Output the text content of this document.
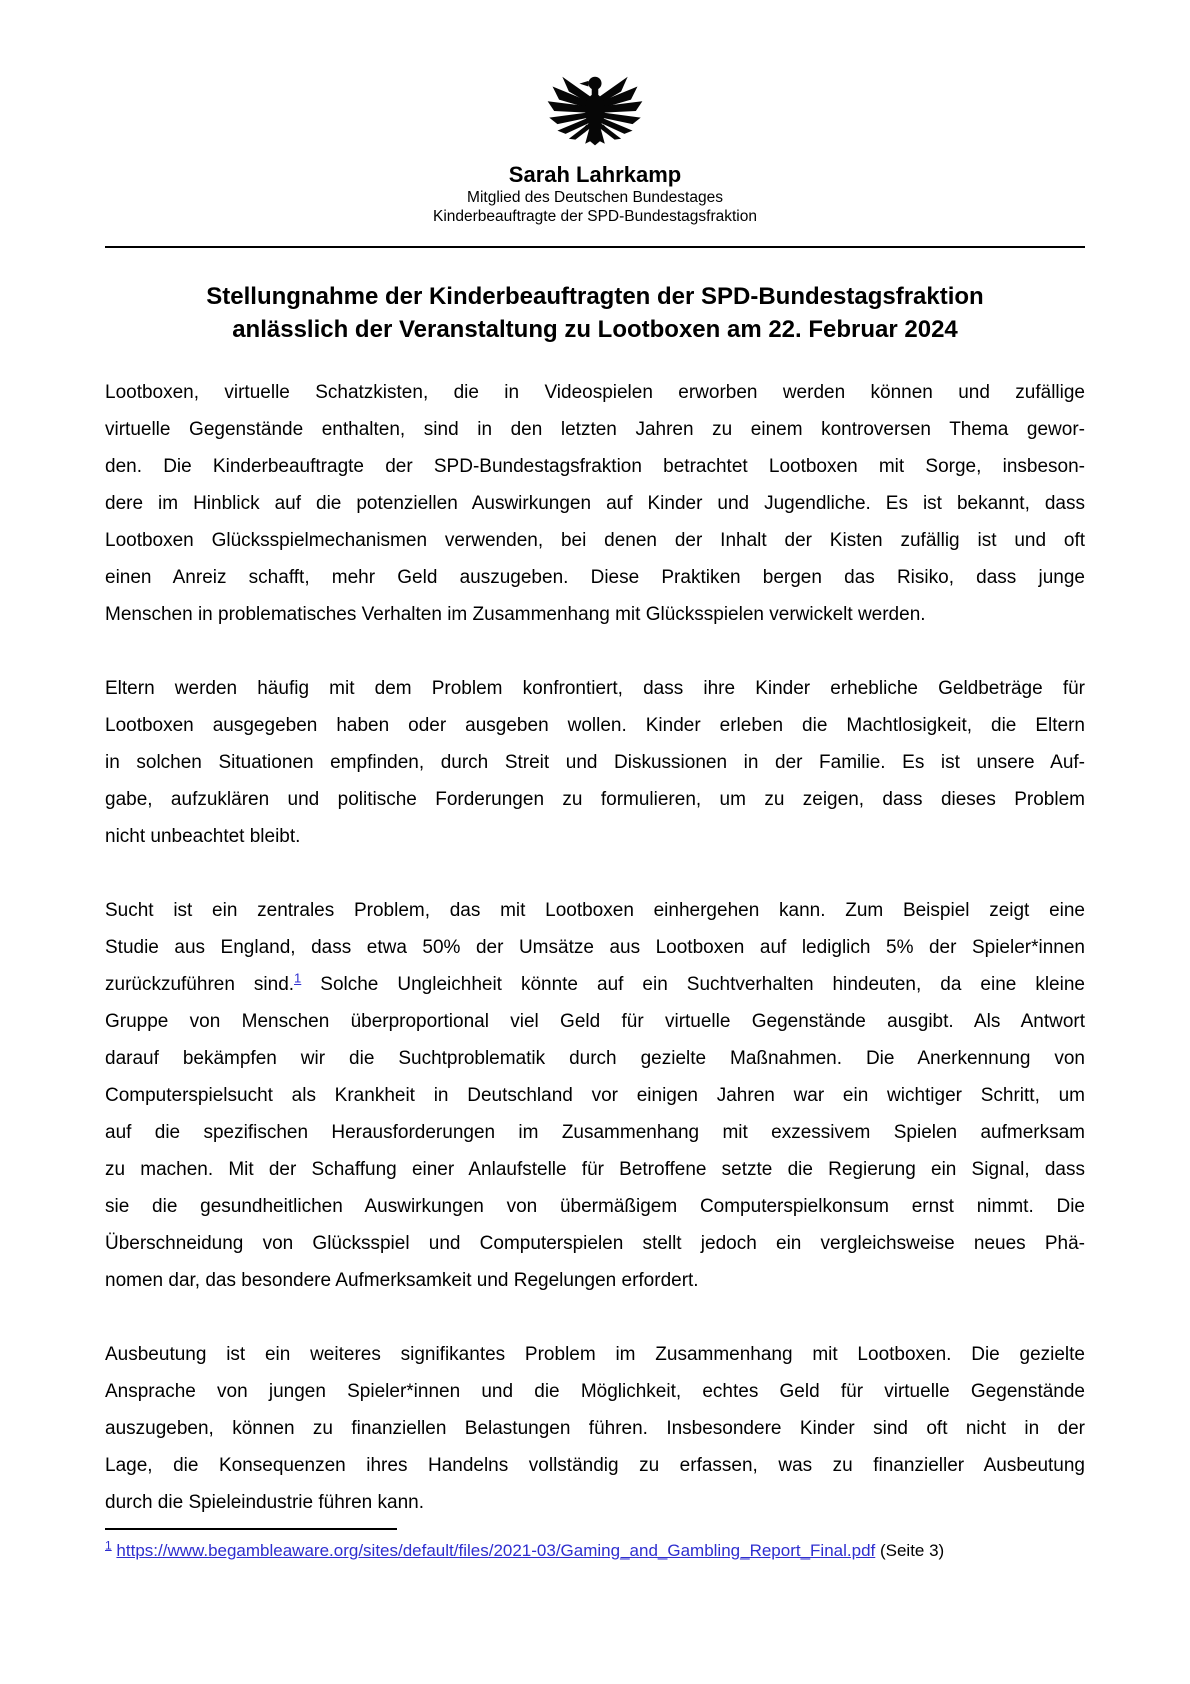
Sarah Lahrkamp
Mitglied des Deutschen Bundestages
Kinderbeauftragte der SPD-Bundestagsfraktion
Stellungnahme der Kinderbeauftragten der SPD-Bundestagsfraktion
anlässlich der Veranstaltung zu Lootboxen am 22. Februar 2024
Lootboxen, virtuelle Schatzkisten, die in Videospielen erworben werden können und zufällige
virtuelle Gegenstände enthalten, sind in den letzten Jahren zu einem kontroversen Thema gewor-
den. Die Kinderbeauftragte der SPD-Bundestagsfraktion betrachtet Lootboxen mit Sorge, insbeson-
dere im Hinblick auf die potenziellen Auswirkungen auf Kinder und Jugendliche. Es ist bekannt, dass
Lootboxen Glücksspielmechanismen verwenden, bei denen der Inhalt der Kisten zufällig ist und oft
einen Anreiz schafft, mehr Geld auszugeben. Diese Praktiken bergen das Risiko, dass junge
Menschen in problematisches Verhalten im Zusammenhang mit Glücksspielen verwickelt werden.
Eltern werden häufig mit dem Problem konfrontiert, dass ihre Kinder erhebliche Geldbeträge für
Lootboxen ausgegeben haben oder ausgeben wollen. Kinder erleben die Machtlosigkeit, die Eltern
in solchen Situationen empfinden, durch Streit und Diskussionen in der Familie. Es ist unsere Auf-
gabe, aufzuklären und politische Forderungen zu formulieren, um zu zeigen, dass dieses Problem
nicht unbeachtet bleibt.
Sucht ist ein zentrales Problem, das mit Lootboxen einhergehen kann. Zum Beispiel zeigt eine
Studie aus England, dass etwa 50% der Umsätze aus Lootboxen auf lediglich 5% der Spieler*innen
zurückzuführen sind.$^1$ Solche Ungleichheit könnte auf ein Suchtverhalten hindeuten, da eine kleine
Gruppe von Menschen überproportional viel Geld für virtuelle Gegenstände ausgibt. Als Antwort
darauf bekämpfen wir die Suchtproblematik durch gezielte Maßnahmen. Die Anerkennung von
Computerspielsucht als Krankheit in Deutschland vor einigen Jahren war ein wichtiger Schritt, um
auf die spezifischen Herausforderungen im Zusammenhang mit exzessivem Spielen aufmerksam
zu machen. Mit der Schaffung einer Anlaufstelle für Betroffene setzte die Regierung ein Signal, dass
sie die gesundheitlichen Auswirkungen von übermäßigem Computerspielkonsum ernst nimmt. Die
Überschneidung von Glücksspiel und Computerspielen stellt jedoch ein vergleichsweise neues Phä-
nomen dar, das besondere Aufmerksamkeit und Regelungen erfordert.
Ausbeutung ist ein weiteres signifikantes Problem im Zusammenhang mit Lootboxen. Die gezielte
Ansprache von jungen Spieler*innen und die Möglichkeit, echtes Geld für virtuelle Gegenstände
auszugeben, können zu finanziellen Belastungen führen. Insbesondere Kinder sind oft nicht in der
Lage, die Konsequenzen ihres Handelns vollständig zu erfassen, was zu finanzieller Ausbeutung
durch die Spieleindustrie führen kann.
$^1$ https://www.begambleaware.org/sites/default/files/2021-03/Gaming_and_Gambling_Report_Final.pdf (Seite 3)
